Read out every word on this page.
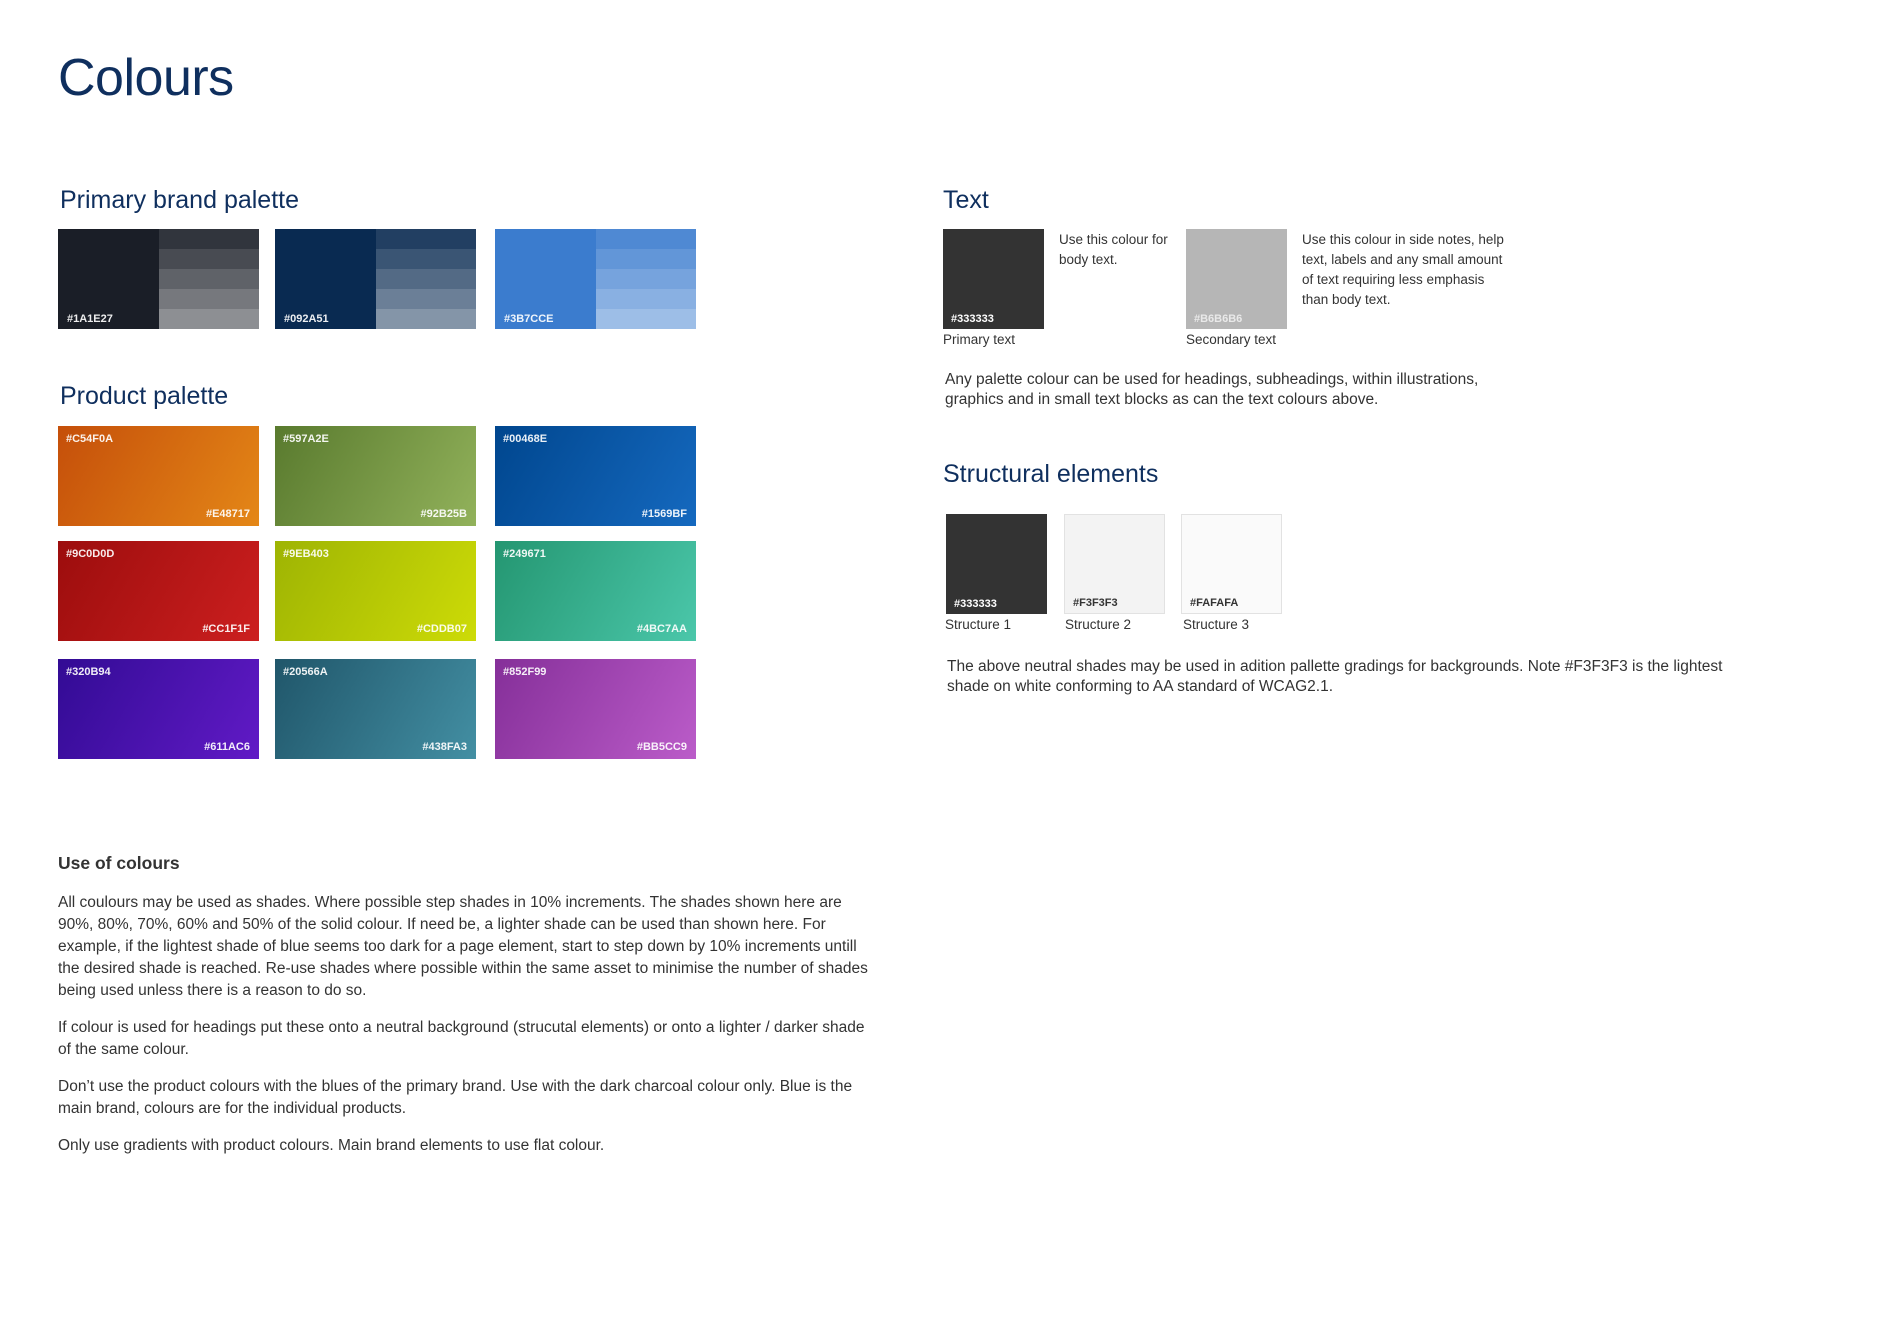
Colours
Primary brand palette
#1A1E27	#092A51	#3B7CCE
Product palette
#C54F0A
#E48717
#597A2E
#92B25B
#00468E
#1569BF
#9C0D0D
#CC1F1F
#9EB403
#CDDB07
#249671
#4BC7AA
#320B94
#611AC6
#20566A
#438FA3
#852F99
#BB5CC9
Text
#333333
Use this colour for body text.
Primary text
#B6B6B6
Use this colour in side notes, help text, labels and any small amount of text requiring less emphasis than body text.
Secondary text
Any palette colour can be used for headings, subheadings, within illustrations, graphics and in small text blocks as can the text colours above.
Structural elements
#333333
Structure 1
#F3F3F3
Structure 2
#FAFAFA
Structure 3
The above neutral shades may be used in adition pallette gradings for backgrounds. Note #F3F3F3 is the lightest shade on white conforming to AA standard of WCAG2.1.
Use of colours

All coulours may be used as shades. Where possible step shades in 10% increments. The shades shown here are 90%, 80%, 70%, 60% and 50% of the solid colour. If need be, a lighter shade can be used than shown here. For example, if the lightest shade of blue seems too dark for a page element, start to step down by 10% increments untill the desired shade is reached. Re-use shades where possible within the same asset to minimise the number of shades being used unless there is a reason to do so.

If colour is used for headings put these onto a neutral background (strucutal elements) or onto a lighter / darker shade of the same colour.

Don’t use the product colours with the blues of the primary brand. Use with the dark charcoal colour only. Blue is the main brand, colours are for the individual products.

Only use gradients with product colours. Main brand elements to use flat colour.
